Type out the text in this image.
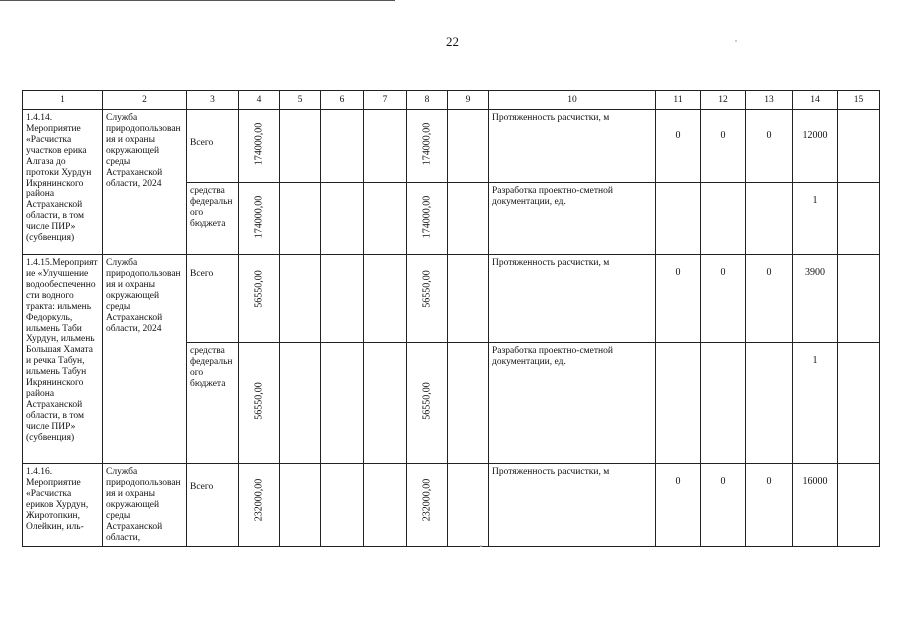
22
1	2	3	4	5	6	7	8	9	10	11	12	13	14	15
1.4.14. Мероприятие «Расчистка участков ерика Алгаза до протоки Хурдун Икрянинского района Астраханской области, в том числе ПИР» (субвенция)	Служба природопользования и охраны окружающей среды Астраханской области, 2024	Всего	174000,00				174000,00		Протяженность расчистки, м	0	0	0	12000	
		средства федерального бюджета	174000,00				174000,00		Разработка проектно-сметной документации, ед.				1	
1.4.15.Мероприятие «Улучшение водообеспеченности водного тракта: ильмень Федоркуль, ильмень Таби Хурдун, ильмень Большая Хамата и речка Табун, ильмень Табун Икрянинского района Астраханской области, в том числе ПИР» (субвенция)	Служба природопользования и охраны окружающей среды Астраханской области, 2024	Всего	56550,00				56550,00		Протяженность расчистки, м	0	0	0	3900	
		средства федерального бюджета	56550,00				56550,00		Разработка проектно-сметной документации, ед.				1	
1.4.16. Мероприятие «Расчистка ериков Хурдун, Жиротопкин, Олейкин, иль-	Служба природопользования и охраны окружающей среды Астраханской области,	Всего	232000,00				232000,00		Протяженность расчистки, м	0	0	0	16000	
